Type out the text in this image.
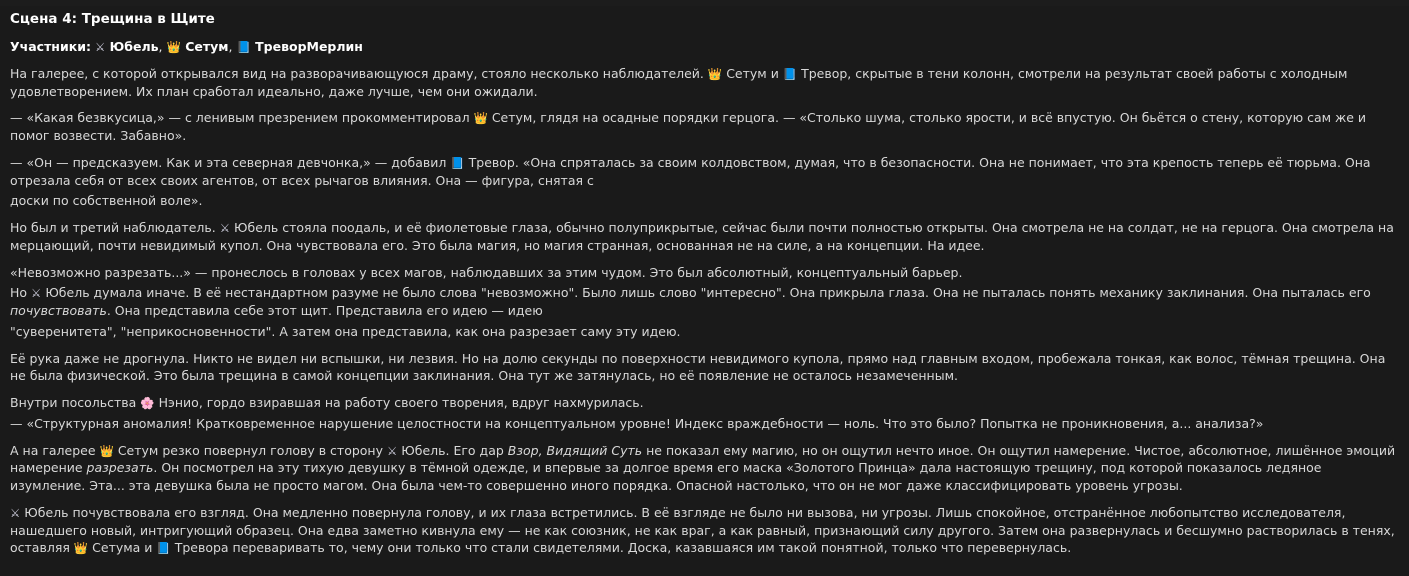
Сцена 4: Трещина в Щите
Участники: ⚔ Юбель, 👑 Сетум, 📘 ТреворМерлин

На галерее, с которой открывался вид на разворачивающуюся драму, стояло несколько наблюдателей. 👑 Сетум и 📘 Тревор, скрытые в тени колонн, смотрели на результат своей работы с холодным удовлетворением. Их план сработал идеально, даже лучше, чем они ожидали.

— «Какая безвкусица,» — с ленивым презрением прокомментировал 👑 Сетум, глядя на осадные порядки герцога. — «Столько шума, столько ярости, и всё впустую. Он бьётся о стену, которую сам же и помог возвести. Забавно».

— «Он — предсказуем. Как и эта северная девчонка,» — добавил 📘 Тревор. «Она спряталась за своим колдовством, думая, что в безопасности. Она не понимает, что эта крепость теперь её тюрьма. Она отрезала себя от всех своих агентов, от всех рычагов влияния. Она — фигура, снятая с

доски по собственной воле».

Но был и третий наблюдатель. ⚔ Юбель стояла поодаль, и её фиолетовые глаза, обычно полуприкрытые, сейчас были почти полностью открыты. Она смотрела не на солдат, не на герцога. Она смотрела на мерцающий, почти невидимый купол. Она чувствовала его. Это была магия, но магия странная, основанная не на силе, а на концепции. На идее.

«Невозможно разрезать...» — пронеслось в головах у всех магов, наблюдавших за этим чудом. Это был абсолютный, концептуальный барьер.

Но ⚔ Юбель думала иначе. В её нестандартном разуме не было слова "невозможно". Было лишь слово "интересно". Она прикрыла глаза. Она не пыталась понять механику заклинания. Она пыталась его почувствовать. Она представила себе этот щит. Представила его идею — идею

"суверенитета", "неприкосновенности". А затем она представила, как она разрезает саму эту идею.

Её рука даже не дрогнула. Никто не видел ни вспышки, ни лезвия. Но на долю секунды по поверхности невидимого купола, прямо над главным входом, пробежала тонкая, как волос, тёмная трещина. Она не была физической. Это была трещина в самой концепции заклинания. Она тут же затянулась, но её появление не осталось незамеченным.

Внутри посольства 🌸 Нэнио, гордо взиравшая на работу своего творения, вдруг нахмурилась.

— «Структурная аномалия! Кратковременное нарушение целостности на концептуальном уровне! Индекс враждебности — ноль. Что это было? Попытка не проникновения, а... анализа?»

А на галерее 👑 Сетум резко повернул голову в сторону ⚔ Юбель. Его дар Взор, Видящий Суть не показал ему магию, но он ощутил нечто иное. Он ощутил намерение. Чистое, абсолютное, лишённое эмоций намерение разрезать. Он посмотрел на эту тихую девушку в тёмной одежде, и впервые за долгое время его маска «Золотого Принца» дала настоящую трещину, под которой показалось ледяное изумление. Эта... эта девушка была не просто магом. Она была чем-то совершенно иного порядка. Опасной настолько, что он не мог даже классифицировать уровень угрозы.

⚔ Юбель почувствовала его взгляд. Она медленно повернула голову, и их глаза встретились. В её взгляде не было ни вызова, ни угрозы. Лишь спокойное, отстранённое любопытство исследователя, нашедшего новый, интригующий образец. Она едва заметно кивнула ему — не как союзник, не как враг, а как равный, признающий силу другого. Затем она развернулась и бесшумно растворилась в тенях, оставляя 👑 Сетума и 📘 Тревора переваривать то, чему они только что стали свидетелями. Доска, казавшаяся им такой понятной, только что перевернулась.
